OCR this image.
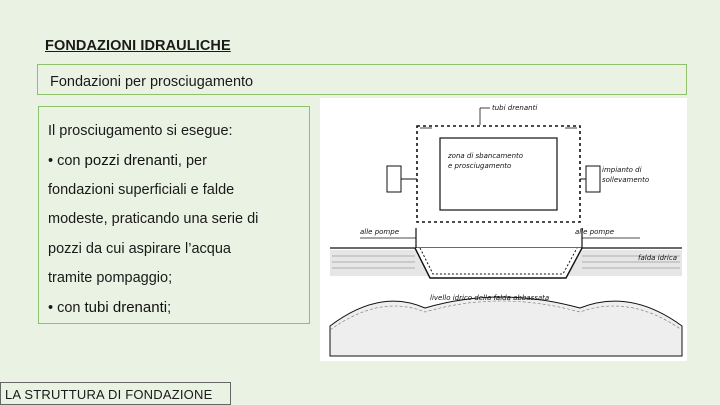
FONDAZIONI IDRAULICHE
Fondazioni per prosciugamento
Il prosciugamento si esegue:
• con pozzi drenanti, per
fondazioni superficiali e falde
modeste, praticando una serie di
pozzi da cui aspirare l’acqua
tramite pompaggio;
• con tubi drenanti;
tubi drenanti
zona di sbancamento
e prosciugamento	impianto di
sollevamento
alle pompe	alle pompe
falda idrica
livello idrico della falda abbassata
LA STRUTTURA DI FONDAZIONE
